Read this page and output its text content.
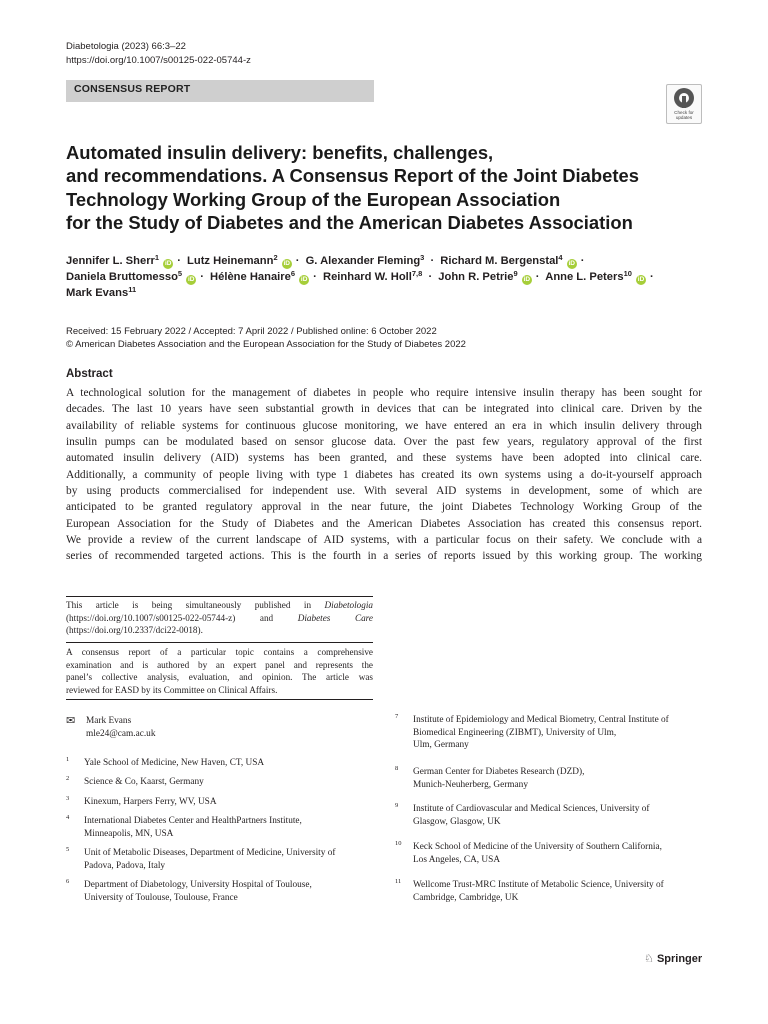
Diabetologia (2023) 66:3–22
https://doi.org/10.1007/s00125-022-05744-z
CONSENSUS REPORT
Check for updates
Automated insulin delivery: benefits, challenges,
and recommendations. A Consensus Report of the Joint Diabetes
Technology Working Group of the European Association
for the Study of Diabetes and the American Diabetes Association
Jennifer L. Sherr$^1$ iD · Lutz Heinemann$^2$ iD · G. Alexander Fleming$^3$ · Richard M. Bergenstal$^4$ iD ·
Daniela Bruttomesso$^5$ iD · Hélène Hanaire$^6$ iD · Reinhard W. Holl$^{7,8}$ · John R. Petrie$^9$ iD · Anne L. Peters$^{10}$ iD ·
Mark Evans$^{11}$
Received: 15 February 2022 / Accepted: 7 April 2022 / Published online: 6 October 2022
© American Diabetes Association and the European Association for the Study of Diabetes 2022
Abstract
A technological solution for the management of diabetes in people who require intensive insulin therapy has been sought for
decades. The last 10 years have seen substantial growth in devices that can be integrated into clinical care. Driven by the
availability of reliable systems for continuous glucose monitoring, we have entered an era in which insulin delivery through
insulin pumps can be modulated based on sensor glucose data. Over the past few years, regulatory approval of the first
automated insulin delivery (AID) systems has been granted, and these systems have been adopted into clinical care.
Additionally, a community of people living with type 1 diabetes has created its own systems using a do-it-yourself approach
by using products commercialised for independent use. With several AID systems in development, some of which are
anticipated to be granted regulatory approval in the near future, the joint Diabetes Technology Working Group of the
European Association for the Study of Diabetes and the American Diabetes Association has created this consensus report.
We provide a review of the current landscape of AID systems, with a particular focus on their safety. We conclude with a
series of recommended targeted actions. This is the fourth in a series of reports issued by this working group. The working
This article is being simultaneously published in Diabetologia
(https://doi.org/10.1007/s00125-022-05744-z) and Diabetes Care
(https://doi.org/10.2337/dci22-0018).
A consensus report of a particular topic contains a comprehensive
examination and is authored by an expert panel and represents the
panel’s collective analysis, evaluation, and opinion. The article was
reviewed for EASD by its Committee on Clinical Affairs.
✉ Mark Evans
mle24@cam.ac.uk
1 Yale School of Medicine, New Haven, CT, USA
2 Science & Co, Kaarst, Germany
3 Kinexum, Harpers Ferry, WV, USA
4 International Diabetes Center and HealthPartners Institute,
Minneapolis, MN, USA
5 Unit of Metabolic Diseases, Department of Medicine, University of
Padova, Padova, Italy
6 Department of Diabetology, University Hospital of Toulouse,
University of Toulouse, Toulouse, France
7 Institute of Epidemiology and Medical Biometry, Central Institute of
Biomedical Engineering (ZIBMT), University of Ulm,
Ulm, Germany
8 German Center for Diabetes Research (DZD),
Munich-Neuherberg, Germany
9 Institute of Cardiovascular and Medical Sciences, University of
Glasgow, Glasgow, UK
10 Keck School of Medicine of the University of Southern California,
Los Angeles, CA, USA
11 Wellcome Trust-MRC Institute of Metabolic Science, University of
Cambridge, Cambridge, UK
♘ Springer
